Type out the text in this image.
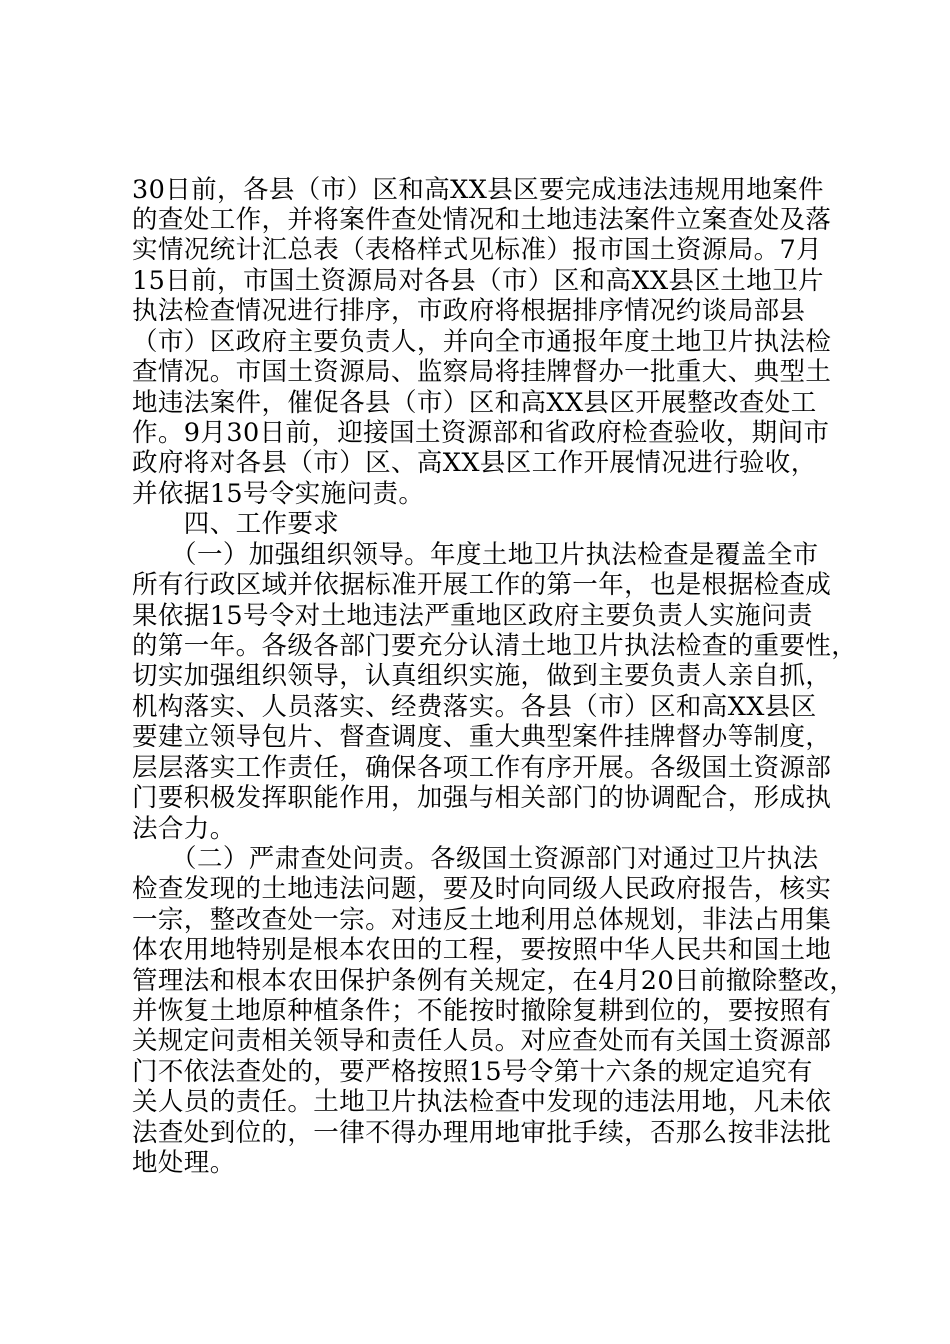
30日前，各县（市）区和高XX县区要完成违法违规用地案件
的查处工作，并将案件查处情况和土地违法案件立案查处及落
实情况统计汇总表（表格样式见标准）报市国土资源局。7月
15日前，市国土资源局对各县（市）区和高XX县区土地卫片
执法检查情况进行排序，市政府将根据排序情况约谈局部县
（市）区政府主要负责人，并向全市通报年度土地卫片执法检
查情况。市国土资源局、监察局将挂牌督办一批重大、典型土
地违法案件，催促各县（市）区和高XX县区开展整改查处工
作。9月30日前，迎接国土资源部和省政府检查验收，期间市
政府将对各县（市）区、高XX县区工作开展情况进行验收，
并依据15号令实施问责。
　　四、工作要求
　　（一）加强组织领导。年度土地卫片执法检查是覆盖全市
所有行政区域并依据标准开展工作的第一年，也是根据检查成
果依据15号令对土地违法严重地区政府主要负责人实施问责
的第一年。各级各部门要充分认清土地卫片执法检查的重要性，
切实加强组织领导，认真组织实施，做到主要负责人亲自抓，
机构落实、人员落实、经费落实。各县（市）区和高XX县区
要建立领导包片、督查调度、重大典型案件挂牌督办等制度，
层层落实工作责任，确保各项工作有序开展。各级国土资源部
门要积极发挥职能作用，加强与相关部门的协调配合，形成执
法合力。
　　（二）严肃查处问责。各级国土资源部门对通过卫片执法
检查发现的土地违法问题，要及时向同级人民政府报告，核实
一宗，整改查处一宗。对违反土地利用总体规划，非法占用集
体农用地特别是根本农田的工程，要按照中华人民共和国土地
管理法和根本农田保护条例有关规定，在4月20日前撤除整改，
并恢复土地原种植条件；不能按时撤除复耕到位的，要按照有
关规定问责相关领导和责任人员。对应查处而有关国土资源部
门不依法查处的，要严格按照15号令第十六条的规定追究有
关人员的责任。土地卫片执法检查中发现的违法用地，凡未依
法查处到位的，一律不得办理用地审批手续，否那么按非法批
地处理。
